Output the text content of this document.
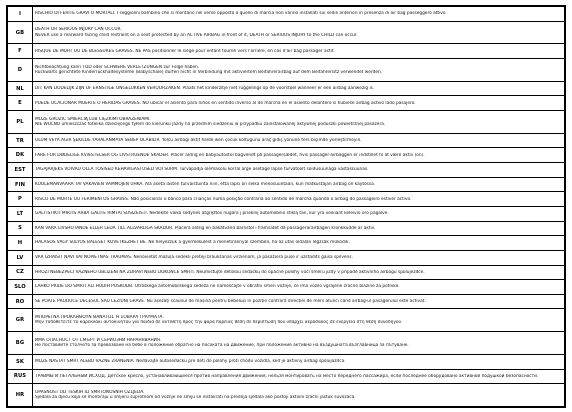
I	RISCHIO DI FERITE GRAVI O MORTALI. I seggiolini bambino che si montano nel verso opposto a quello di marcia non vanno installati sui sedili anteriori in presenza di air bag passeggero attivo.

GB	DEATH OR SERIOUS INJURY CAN OCCUR.
NEVER use a rearward facing child restraint on a seat protected by an ACTIVE AIRBAG in front of it, DEATH or SERIOUS INJURY to the CHILD can occur.

F	RISQUE DE MORT OU DE BLESSURES GRAVES. NE PAS positionner le siège pour enfant tourné vers l'arrière, en cas d'air bag passager actif.

D	Nichtbeachtung kann TOD oder SCHWERE VERLETZUNGEN zur Folge haben.
Rückwärts gerichtete Kinderrückhaltesysteme (Babyschale) dürfen nicht in Verbindung mit aktiviertem Beifahrerairbag auf dem Beifahrersitz verwendet werden.

NL	DIT KAN DODELIJK ZIJN OF ERNSTIGE ONGELUKKEN VEROORZAKEN. Plaats het kinderzitje niet ruggelings op de voorstoel wanneer er een airbag aanwezig is.

E	PUEDE OCACIONAR MUERTE O HERIDAS GRAVES. NO ubicar el asiento para niños en sentido inverso al de marcha en el asiento delantero si hubiese airbag activo lado pasajero.

PL	MOŻE GROZIĆ ŚMIERCIĄ LUB CIĘŻKIMI OBRAŻENIAMI.
NIE WOLNO umieszczać fotelika dziecięcego tyłem do kierunku jazdy na przednim siedzeniu w przypadku zainstalowanej aktywnej poduszki powietrznej pasażera.

TR	ÖLÜM VEYA AĞIR ŞEKİLDE YARALANMAYA SEBEP OLABİLİR. Yolcu airbağı aktif halde iken çocuk koltuğunu araç gidiş yönüne ters biçimde yerleştirmeyin.

DK	FARE FOR DØDELIGE KVÆSTELSER OG LIVSTRUENDE SKADER. Placer aldrig en babyautostol bagvendt på passagersædet, hvis passager-airbaggen er indstillet til at være aktiv (on).

EST	TAGAJÄRJEKS VÕIVAD OLLA TÕSISED KEHAVIGASTUSED VÕI SURM. Turvapadja olemasolu korral ärge asetage lapse turvatoolt sõidusuunaga vastassuunas.

FIN	KUOLEMANVAARA TAI VAKAVIEN VAMMOJEN UHKA. Älä aseta lasten turvaistuinta niin, että lapsi on selkä menosuuntaan, kun matkustajan airbag on käytössä.

P	RISCO DE MORTE OU FERIMENTOS GRAVES. Não posicionar o banco para crianças numa posição contrária ao sentido de marcha quando o airbag do passageiro estiver activo.

LT	GALI IŠTIKTI MIRTIS ARBA GALITE RIMTAI SUSIŽEISTI. Nedėkite vaiko sėdynės atgręžtos nugara į priekinį automobilio stiklą tan, kur yra veikiant keleivio oro pagalvė.

S	KAN VARA LIVSHOTANDE ELLER LEDA TILL ALLVARLIGA SKADOR. Placera aldrig en bakåtvänd barnstol i framsätet då passagerarairbagen kronkkudde är aktiv.

H	HALÁSOS VAGY SÚLYOS BALESET KÖVETKEZHET BE. Ne helyezzük a gyermekülést a menetiránnyal szemben, ha az utas oldalán légzsák működik.

LV	VAR IZRAISĪT NĀVI VAI NOPIETNAS TRAUMAS. Nenovietot mazuļa sēdekli pretēji braukšanas virzienam, ja pasažiera pusē ir uzstādīts gaisa spilvens.

CZ	HROZÍ NEBEZPEČÍ VÁŽNÉHO ÚBLIŽENÍ NA ZDRAVÍ NEBO DOKONCE SMRTI. Neumisťujte dětskou sedačku do opačné polohy vůči směru jízdy v případě aktivního airbagu spolujezdce.

SLO	LAHKO PRIDE DO SMRTI ALI HUDIH POŠKODB. Otroškega avtomobilskega sedeža ne nameščajte v obratni smeri vožnje, če ima vozilo vgrajene zračne blazine za potnike.

RO	SE POATE PRODUCE DECESUL SAU LEZIUNI GRAVE. Nu așezați scaunul de mașină pentru bebeluși în poziție contrară direcției de mers atunci când airbag-ul pasagerului este activat.

GR	ΜΠΟΡΕΙ ΝΑ ΠΡΟΚΛΗΘΟΥΝ ΘΑΝΑΤΟΣ Ή ΣΟΒΑΡΑ ΤΡΑΥΜΑΤΑ.
Μην τοποθετείτε το καρεκλάκι αυτοκινήτου για παιδιά σε αντίθετη προς την φορά πορείας θέση σε περίπτωση που υπάρχει αερόσακος σε ενεργεία στη θέση συνοδηγού.

BG	ИМА ОПАСНОСТ ОТ СМЪРТ И СЕРИОЗНИ НАРАНЯВАНИЯ.
Не поставяйте столчето за превозване на бебе в положение обратно на посоката на движение, при положение активно на въздушната възглавница за пътуване.

SK	MÔŽE NASTAŤ SMRŤ ALEBO VÁŽNE ZRANENIA. Nedávajte autosedačku pre deti do polohy proti chodu vozidla, keď je aktívny airbag spolujazdca.

RUS	ТРАВМЫ И ЛЕТАЛЬНЫЙ ИСХОД. Детское кресло, устанавливающееся против направления движения, нельзя монтировать на место переднего пассажира, если последнее оборудовано активной подушкой безопасности.

HR	OPASNOST OD TEŠKIH ILI SMRTONOSNIH OZLJEDA.
Sjedala za djecu koja se montiraju u smjeru suprotnom od vožnje ne smiju se instalirati na prednja sjedala ako postoji aktivni zračni jastuk suvozača.
